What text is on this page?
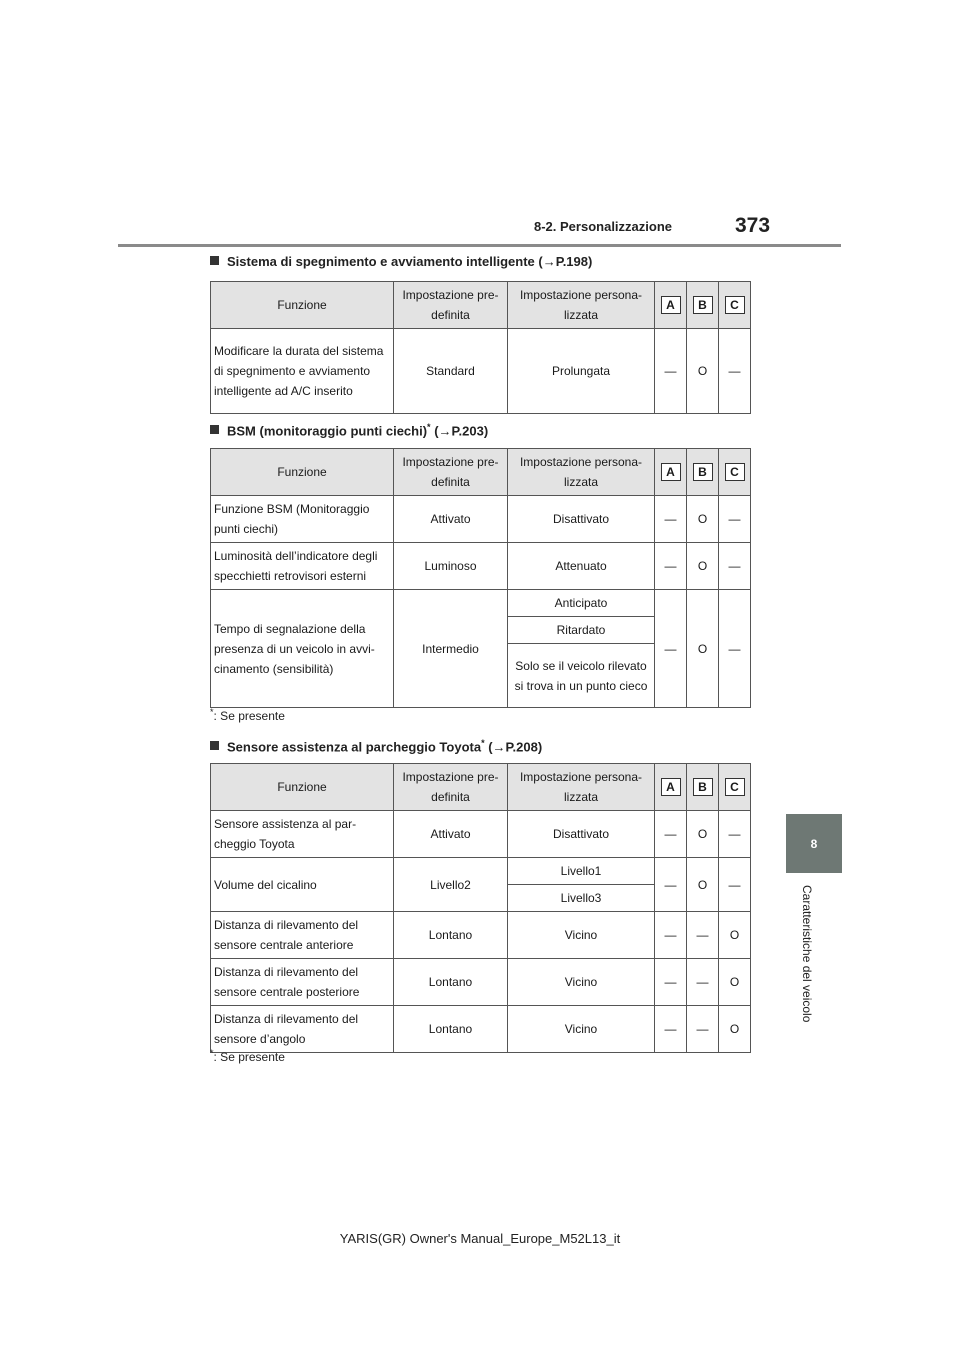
8-2. Personalizzazione	373
8
Caratteristiche del veicolo
Sistema di spegnimento e avviamento intelligente (→P.198)
Funzione	Impostazione pre-definita	Impostazione persona-lizzata	A	B	C
Modificare la durata del sistema di spegnimento e avviamento intelligente ad A/C inserito	Standard	Prolungata	—	O	—
BSM (monitoraggio punti ciechi)* (→P.203)
Funzione	Impostazione pre-definita	Impostazione persona-lizzata	A	B	C
Funzione BSM (Monitoraggio punti ciechi)	Attivato	Disattivato	—	O	—
Luminosità dell’indicatore degli specchietti retrovisori esterni	Luminoso	Attenuato	—	O	—
Tempo di segnalazione della presenza di un veicolo in avvi-cinamento (sensibilità)	Intermedio	Anticipato	—	O	—
		Ritardato			
		Solo se il veicolo rilevato si trova in un punto cieco			
*: Se presente
Sensore assistenza al parcheggio Toyota* (→P.208)
Funzione	Impostazione pre-definita	Impostazione persona-lizzata	A	B	C
Sensore assistenza al par-cheggio Toyota	Attivato	Disattivato	—	O	—
Volume del cicalino	Livello2	Livello1	—	O	—
		Livello3			
Distanza di rilevamento del sensore centrale anteriore	Lontano	Vicino	—	—	O
Distanza di rilevamento del sensore centrale posteriore	Lontano	Vicino	—	—	O
Distanza di rilevamento del sensore d’angolo	Lontano	Vicino	—	—	O
*: Se presente
YARIS(GR) Owner's Manual_Europe_M52L13_it
